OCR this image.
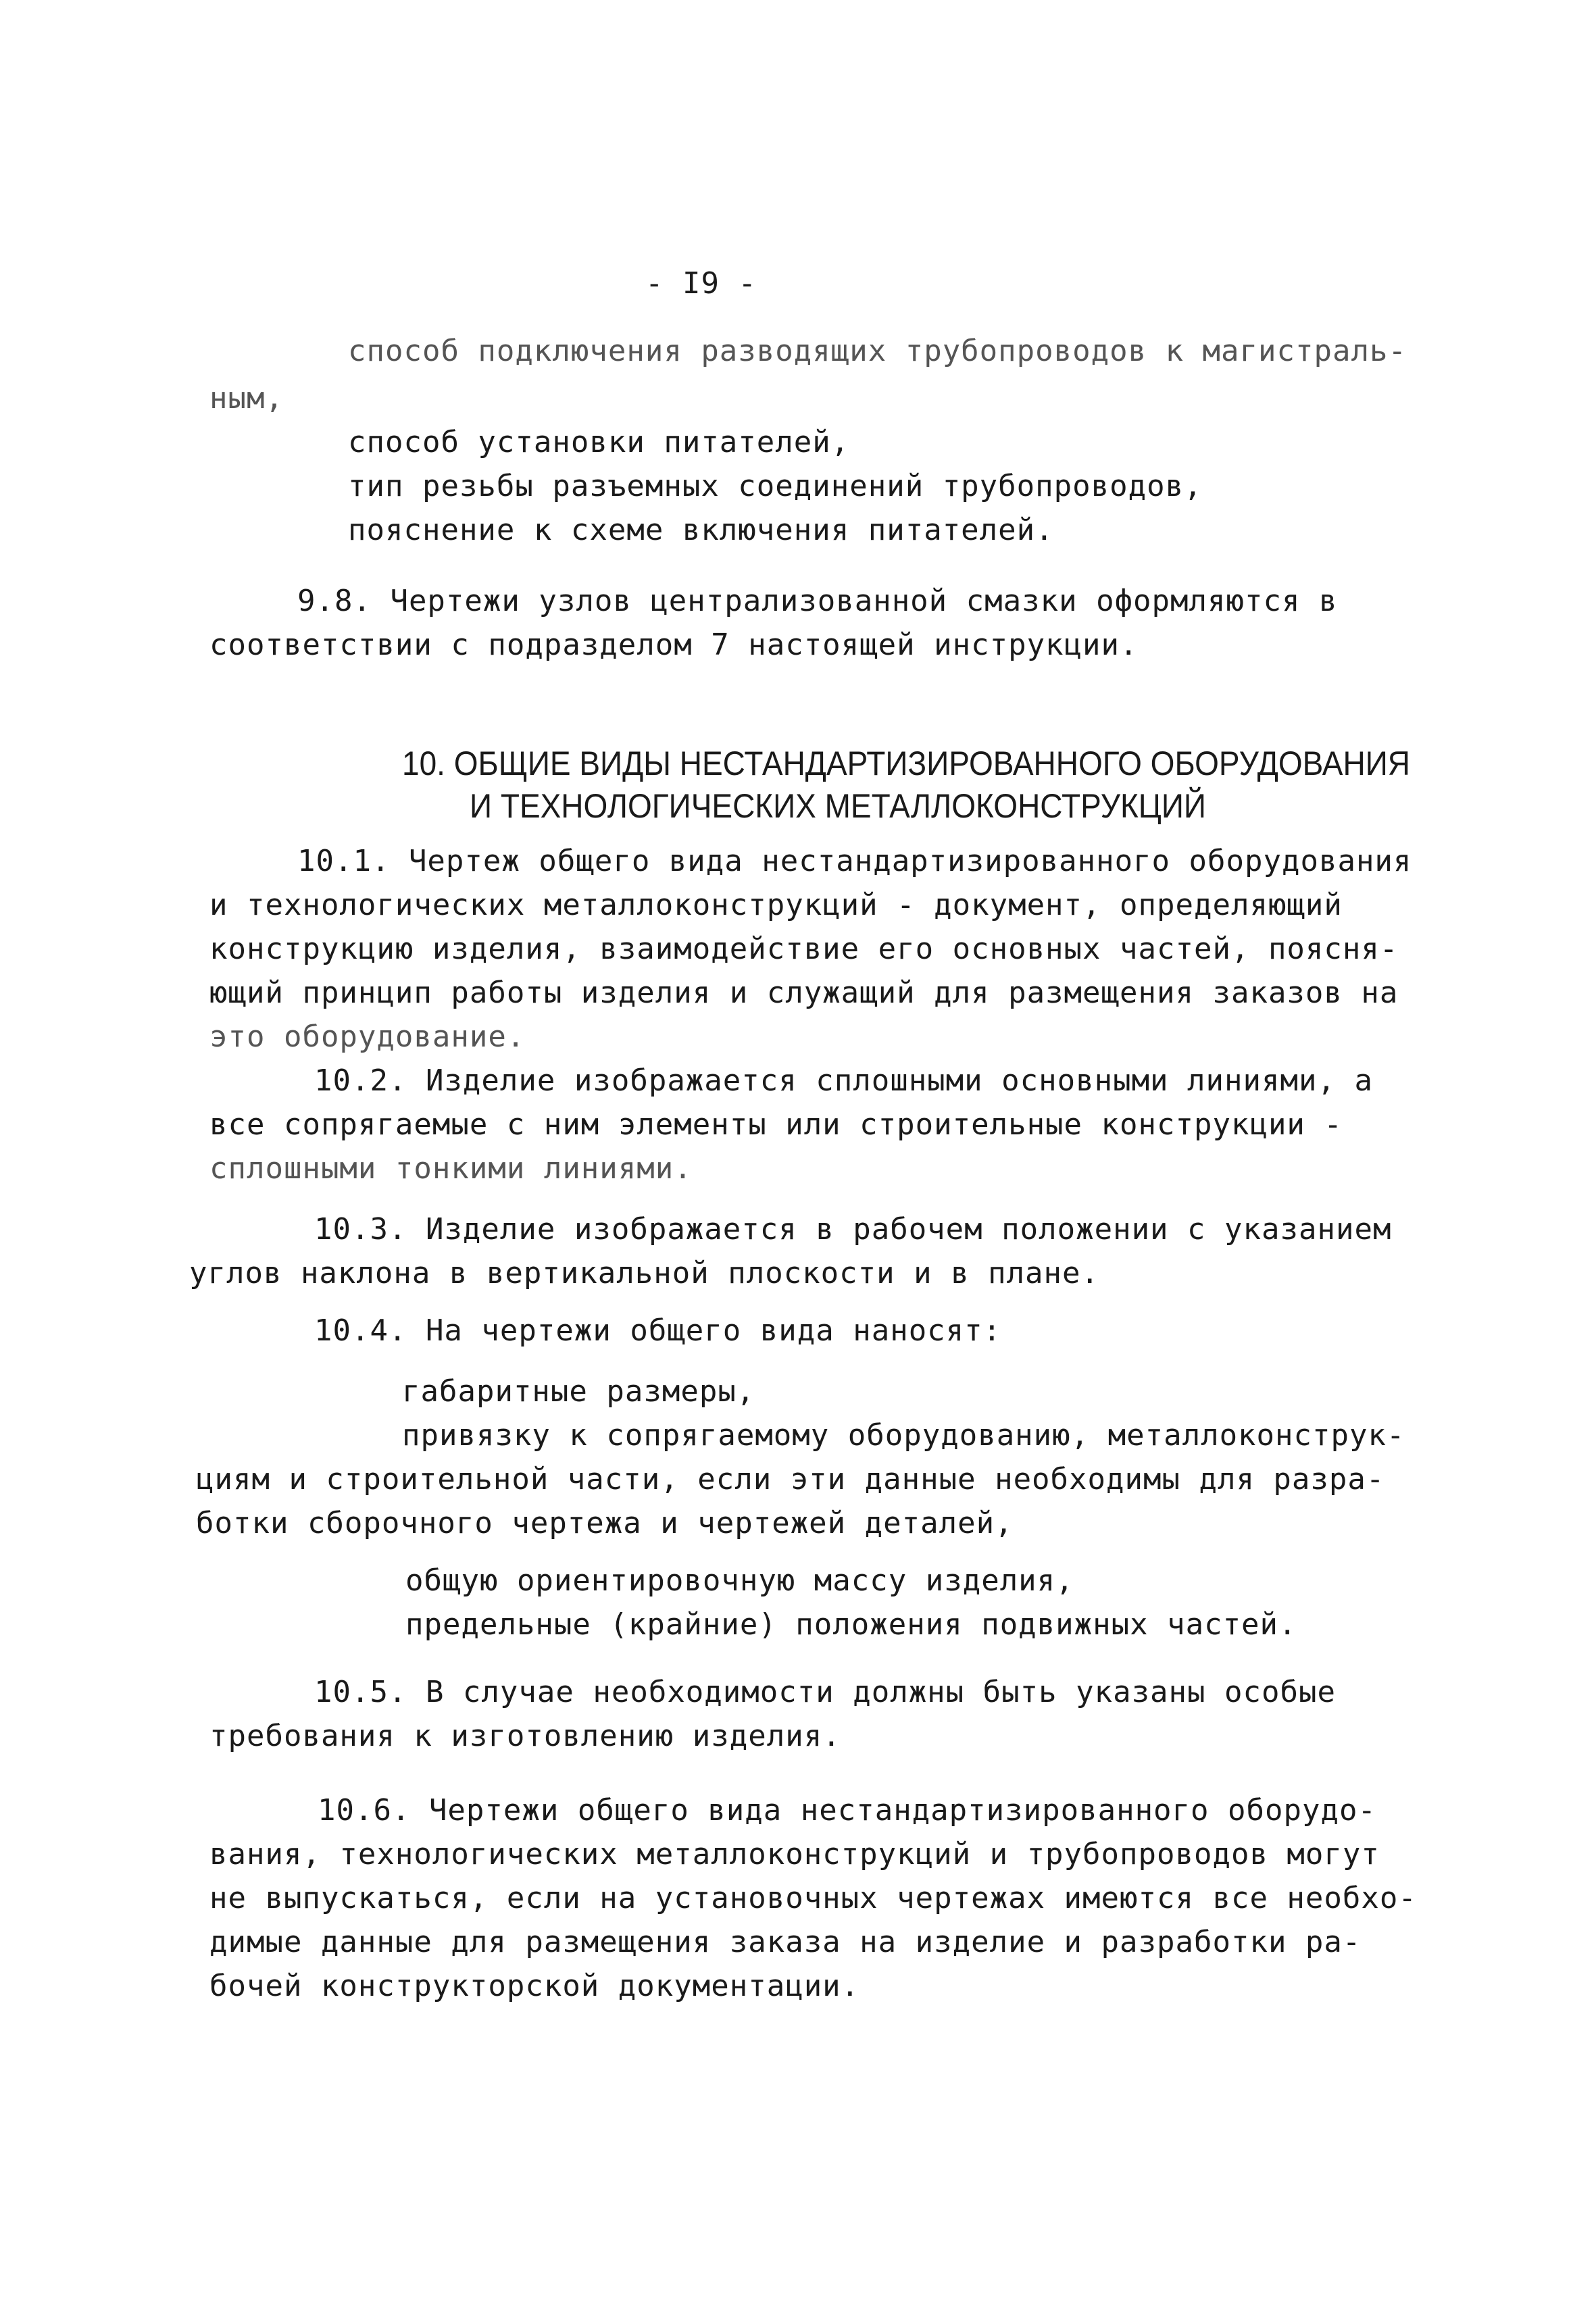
- I9 -
способ подключения разводящих трубопроводов к магистраль-
ным,
способ установки питателей,
тип резьбы разъемных соединений трубопроводов,
пояснение к схеме включения питателей.
9.8. Чертежи узлов централизованной смазки оформляются в
соответствии с подразделом 7 настоящей инструкции.
10. ОБЩИЕ ВИДЫ НЕСТАНДАРТИЗИРОВАННОГО ОБОРУДОВАНИЯ
И ТЕХНОЛОГИЧЕСКИХ МЕТАЛЛОКОНСТРУКЦИЙ
10.1. Чертеж общего вида нестандартизированного оборудования
и технологических металлоконструкций - документ, определяющий
конструкцию изделия, взаимодействие его основных частей, поясня-
ющий принцип работы изделия и служащий для размещения заказов на
это оборудование.
10.2. Изделие изображается сплошными основными линиями, а
все сопрягаемые с ним элементы или строительные конструкции -
сплошными тонкими линиями.
10.3. Изделие изображается в рабочем положении с указанием
углов наклона в вертикальной плоскости и в плане.
10.4. На чертежи общего вида наносят:
габаритные размеры,
привязку к сопрягаемому оборудованию, металлоконструк-
циям и строительной части, если эти данные необходимы для разра-
ботки сборочного чертежа и чертежей деталей,
общую ориентировочную массу изделия,
предельные (крайние) положения подвижных частей.
10.5. В случае необходимости должны быть указаны особые
требования к изготовлению изделия.
10.6. Чертежи общего вида нестандартизированного оборудо-
вания, технологических металлоконструкций и трубопроводов могут
не выпускаться, если на установочных чертежах имеются все необхо-
димые данные для размещения заказа на изделие и разработки ра-
бочей конструкторской документации.
